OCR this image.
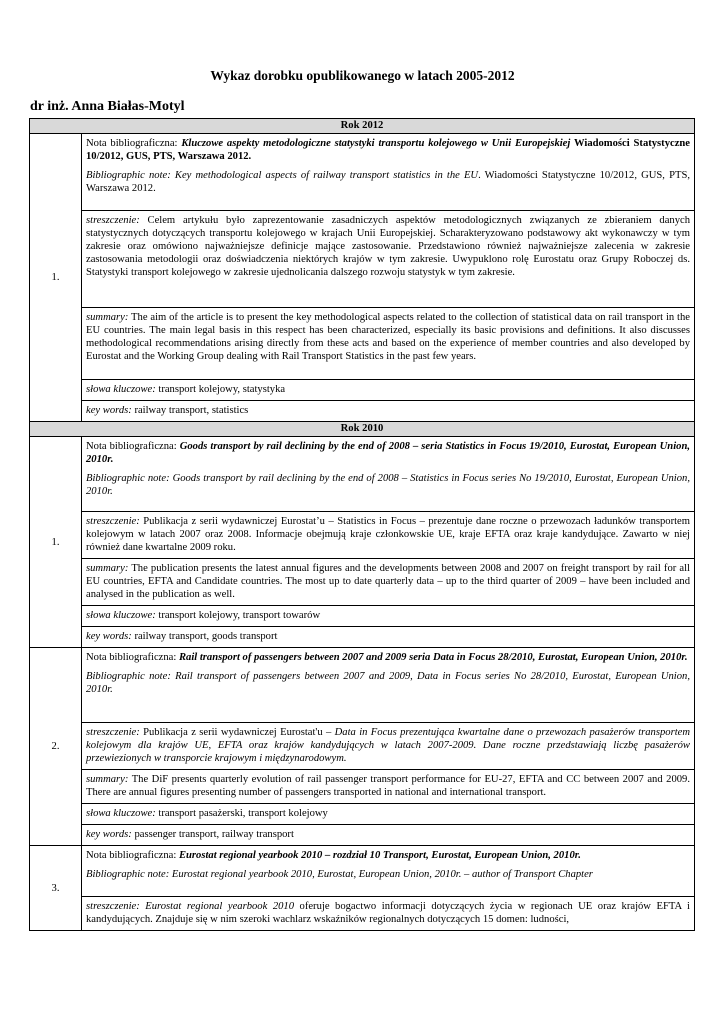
Wykaz dorobku opublikowanego w latach 2005-2012
dr inż. Anna Białas-Motyl
Rok 2012	
1.	Nota bibliograficzna: Kluczowe aspekty metodologiczne statystyki transportu kolejowego w Unii Europejskiej Wiadomości Statystyczne 10/2012, GUS, PTS, Warszawa 2012.

Bibliographic note: Key methodological aspects of railway transport statistics in the EU. Wiadomości Statystyczne 10/2012, GUS, PTS, Warszawa 2012.

	streszczenie: Celem artykułu było zaprezentowanie zasadniczych aspektów metodologicznych związanych ze zbieraniem danych statystycznych dotyczących transportu kolejowego w krajach Unii Europejskiej. Scharakteryzowano podstawowy akt wykonawczy w tym zakresie oraz omówiono najważniejsze definicje mające zastosowanie. Przedstawiono również najważniejsze zalecenia w zakresie zastosowania metodologii oraz doświadczenia niektórych krajów w tym zakresie. Uwypuklono rolę Eurostatu oraz Grupy Roboczej ds. Statystyki transport kolejowego w zakresie ujednolicania dalszego rozwoju statystyk w tym zakresie.
	summary: The aim of the article is to present the key methodological aspects related to the collection of statistical data on rail transport in the EU countries. The main legal basis in this respect has been characterized, especially its basic provisions and definitions. It also discusses methodological recommendations arising directly from these acts and based on the experience of member countries and also developed by Eurostat and the Working Group dealing with Rail Transport Statistics in the past few years.
	słowa kluczowe: transport kolejowy, statystyka
	key words: railway transport, statistics
Rok 2010	
1.	Nota bibliograficzna: Goods transport by rail declining by the end of 2008 – seria Statistics in Focus 19/2010, Eurostat, European Union, 2010r.

Bibliographic note: Goods transport by rail declining by the end of 2008 – Statistics in Focus series No 19/2010, Eurostat, European Union, 2010r.

	streszczenie: Publikacja z serii wydawniczej Eurostat’u – Statistics in Focus – prezentuje dane roczne o przewozach ładunków transportem kolejowym w latach 2007 oraz 2008. Informacje obejmują kraje członkowskie UE, kraje EFTA oraz kraje kandydujące. Zawarto w niej również dane kwartalne 2009 roku.
	summary: The publication presents the latest annual figures and the developments between 2008 and 2007 on freight transport by rail for all EU countries, EFTA and Candidate countries. The most up to date quarterly data – up to the third quarter of 2009 – have been included and analysed in the publication as well.
	słowa kluczowe: transport kolejowy, transport towarów
	key words: railway transport, goods transport
2.	Nota bibliograficzna: Rail transport of passengers between 2007 and 2009 seria Data in Focus 28/2010, Eurostat, European Union, 2010r.

Bibliographic note: Rail transport of passengers between 2007 and 2009, Data in Focus series No 28/2010, Eurostat, European Union, 2010r.

	streszczenie: Publikacja z serii wydawniczej Eurostat'u – Data in Focus prezentująca kwartalne dane o przewozach pasażerów transportem kolejowym dla krajów UE, EFTA oraz krajów kandydujących w latach 2007-2009. Dane roczne przedstawiają liczbę pasażerów przewiezionych w transporcie krajowym i międzynarodowym.
	summary: The DiF presents quarterly evolution of rail passenger transport performance for EU-27, EFTA and CC between 2007 and 2009. There are annual figures presenting number of passengers transported in national and international transport.
	słowa kluczowe: transport pasażerski, transport kolejowy
	key words: passenger transport, railway transport
3.	Nota bibliograficzna: Eurostat regional yearbook 2010 – rozdział 10 Transport, Eurostat, European Union, 2010r.

Bibliographic note: Eurostat regional yearbook 2010, Eurostat, European Union, 2010r. – author of Transport Chapter

	streszczenie: Eurostat regional yearbook 2010 oferuje bogactwo informacji dotyczących życia w regionach UE oraz krajów EFTA i kandydujących. Znajduje się w nim szeroki wachlarz wskaźników regionalnych dotyczących 15 domen: ludności,
